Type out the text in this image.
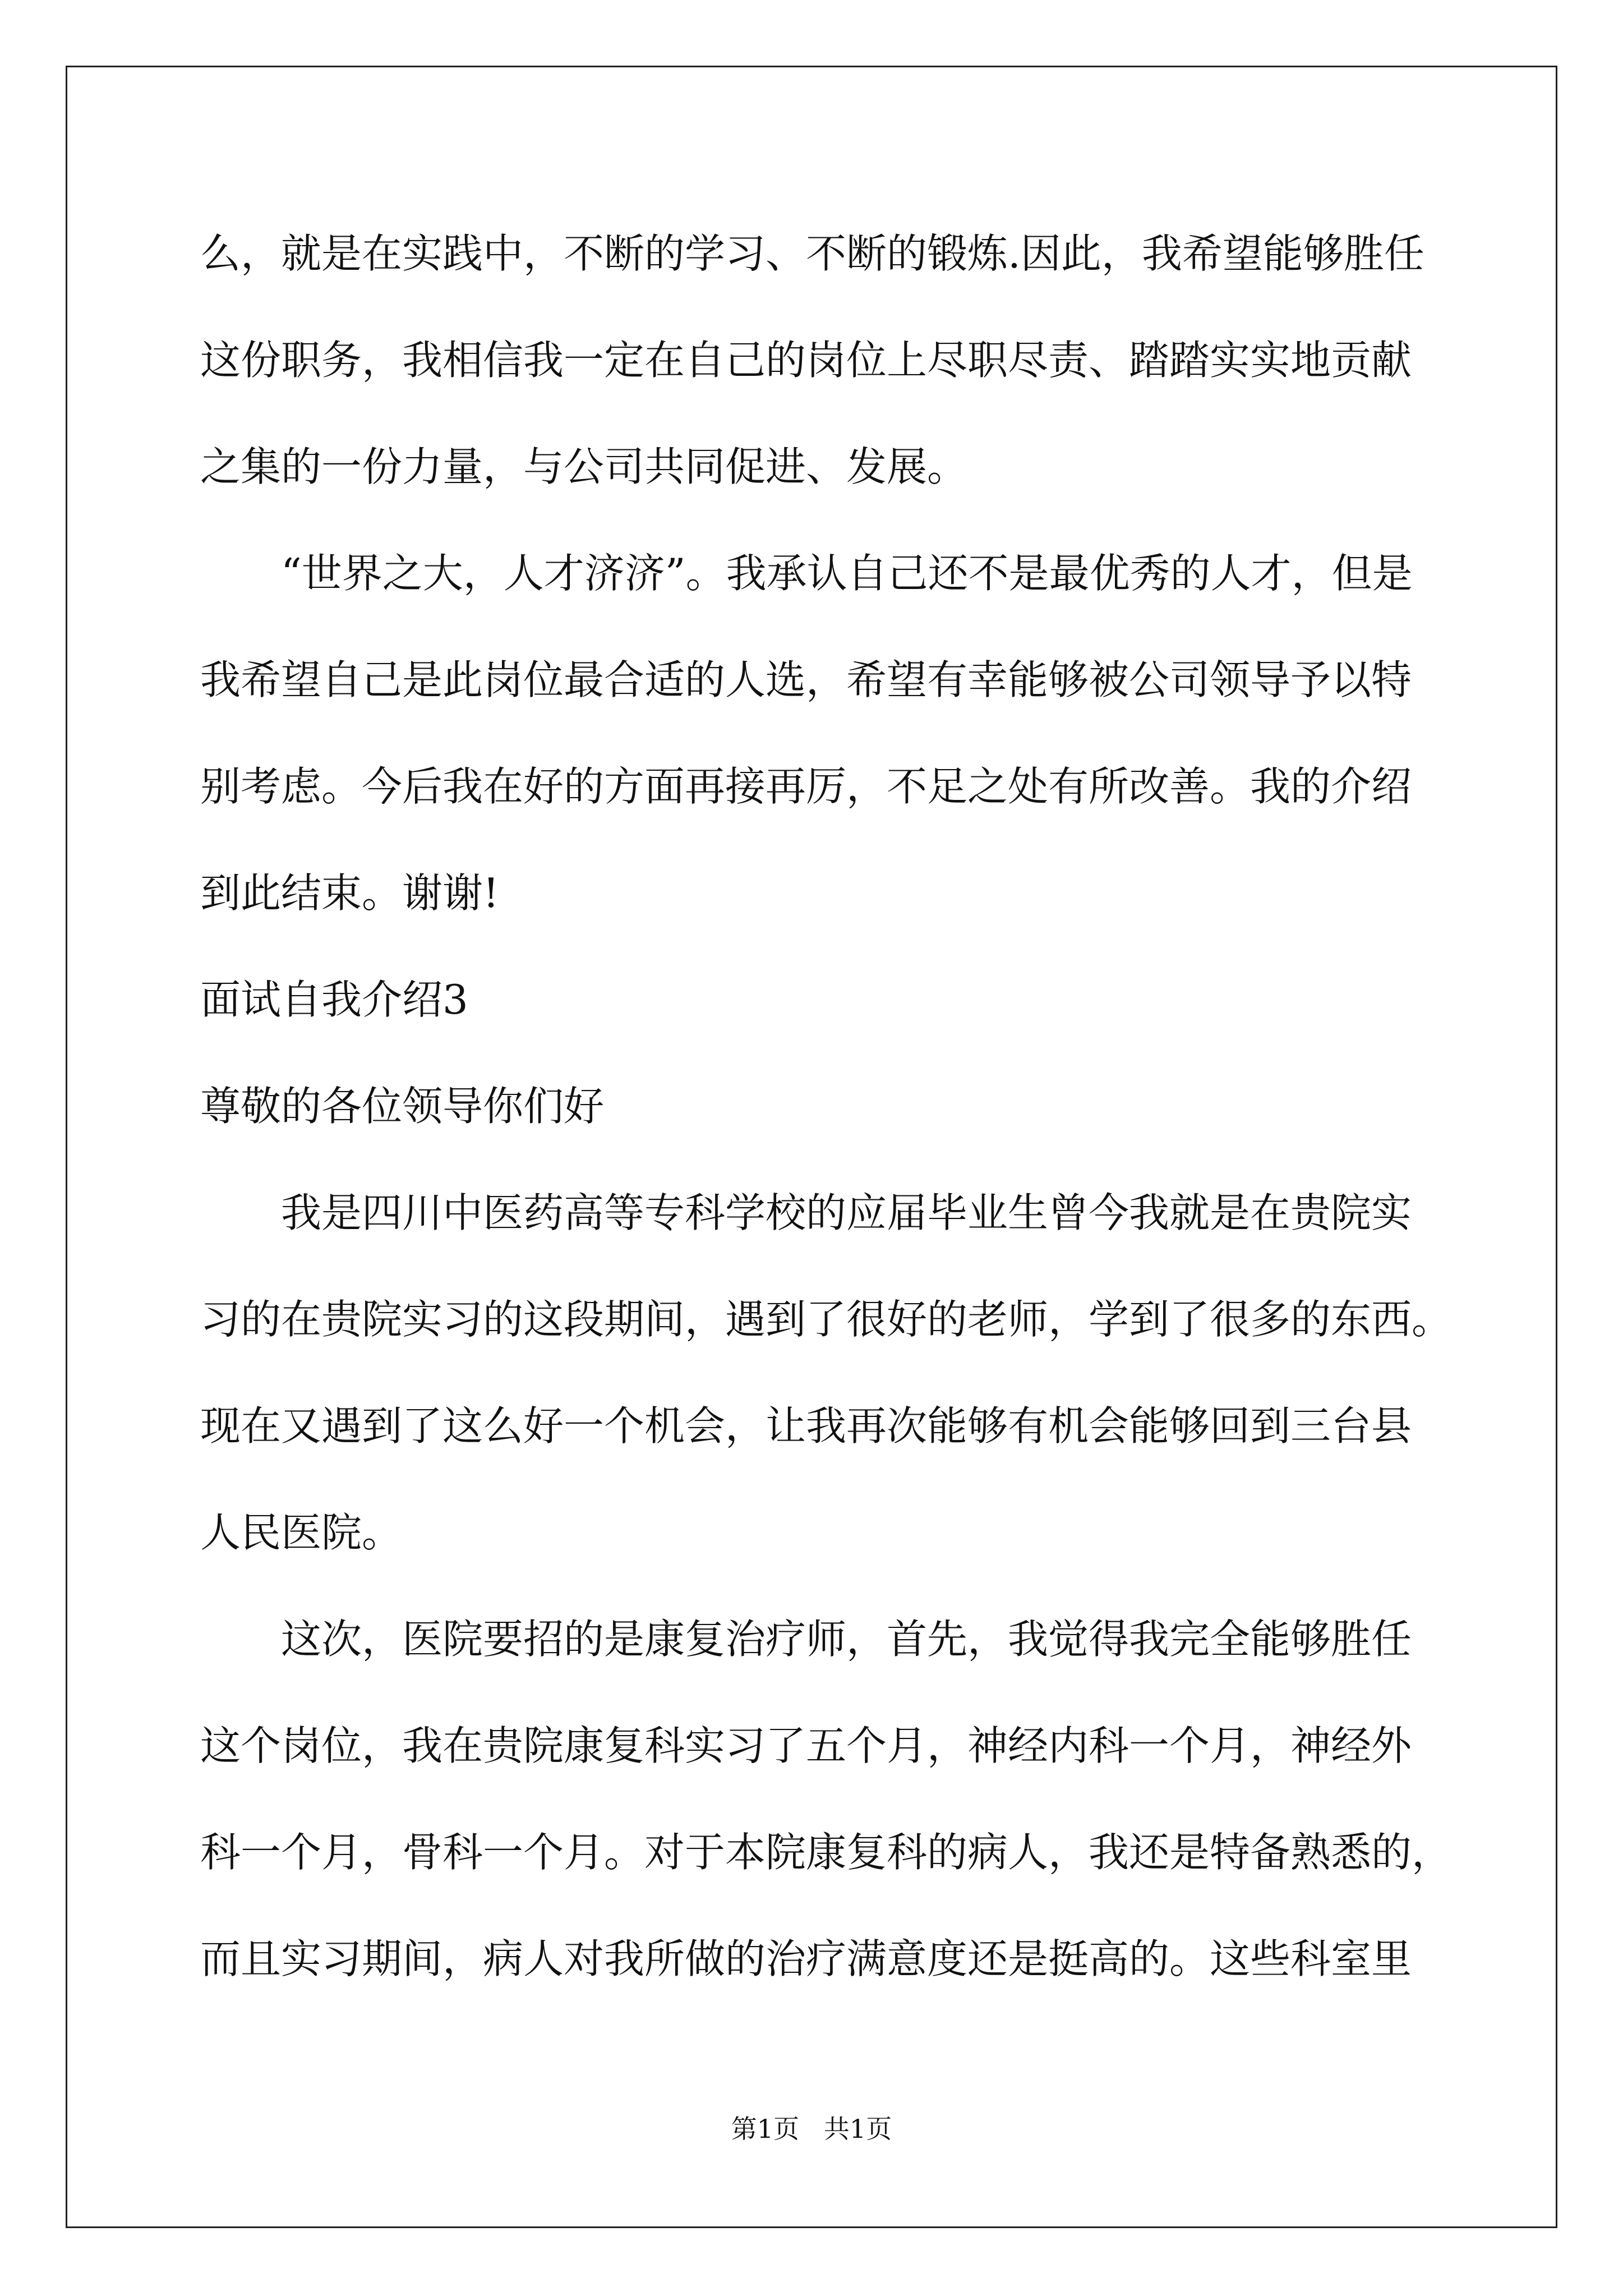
么，就是在实践中，不断的学习、不断的锻炼.因此，我希望能够胜任
这份职务，我相信我一定在自己的岗位上尽职尽责、踏踏实实地贡献
之集的一份力量，与公司共同促进、发展。
　　“世界之大，人才济济”。我承认自己还不是最优秀的人才，但是
我希望自己是此岗位最合适的人选，希望有幸能够被公司领导予以特
别考虑。今后我在好的方面再接再厉，不足之处有所改善。我的介绍
到此结束。谢谢!
面试自我介绍3
尊敬的各位领导你们好
　　我是四川中医药高等专科学校的应届毕业生曾今我就是在贵院实
习的在贵院实习的这段期间，遇到了很好的老师，学到了很多的东西。
现在又遇到了这么好一个机会，让我再次能够有机会能够回到三台县
人民医院。
　　这次，医院要招的是康复治疗师，首先，我觉得我完全能够胜任
这个岗位，我在贵院康复科实习了五个月，神经内科一个月，神经外
科一个月，骨科一个月。对于本院康复科的病人，我还是特备熟悉的，
而且实习期间，病人对我所做的治疗满意度还是挺高的。这些科室里
第1页   共1页
